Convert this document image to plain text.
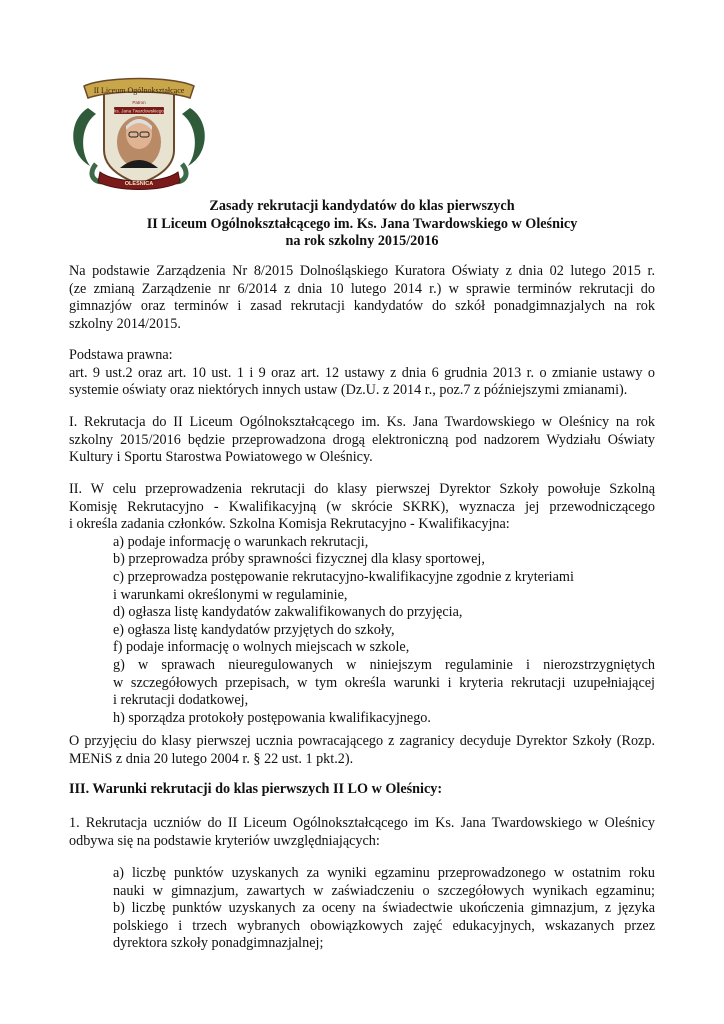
II Liceum Ogólnokształcące
Patron
ks. Jana Twardowskiego
OLEŚNICA
Zasady rekrutacji kandydatów do klas pierwszych
II Liceum Ogólnokształcącego im. Ks. Jana Twardowskiego w Oleśnicy
na rok szkolny 2015/2016

Na podstawie Zarządzenia Nr 8/2015 Dolnośląskiego Kuratora Oświaty z dnia 02 lutego 2015 r.

(ze zmianą Zarządzenie nr 6/2014 z dnia 10 lutego 2014 r.) w sprawie terminów rekrutacji do

gimnazjów oraz terminów i zasad rekrutacji kandydatów do szkół ponadgimnazjalych na rok

szkolny 2014/2015.

Podstawa prawna:

art. 9 ust.2 oraz art. 10 ust. 1 i 9 oraz art. 12 ustawy z dnia 6 grudnia 2013 r. o zmianie ustawy o

systemie oświaty oraz niektórych innych ustaw (Dz.U. z 2014 r., poz.7 z późniejszymi zmianami).

I. Rekrutacja do II Liceum Ogólnokształcącego im. Ks. Jana Twardowskiego w Oleśnicy na rok

szkolny 2015/2016 będzie przeprowadzona drogą elektroniczną pod nadzorem Wydziału Oświaty

Kultury i Sportu Starostwa Powiatowego w Oleśnicy.

II. W celu przeprowadzenia rekrutacji do klasy pierwszej Dyrektor Szkoły powołuje Szkolną

Komisję Rekrutacyjno - Kwalifikacyjną (w skrócie SKRK), wyznacza jej przewodniczącego

i określa zadania członków. Szkolna Komisja Rekrutacyjno - Kwalifikacyjna:

a) podaje informację o warunkach rekrutacji,

b) przeprowadza próby sprawności fizycznej dla klasy sportowej,

c) przeprowadza postępowanie rekrutacyjno-kwalifikacyjne zgodnie z kryteriami

i warunkami określonymi w regulaminie,

d) ogłasza listę kandydatów zakwalifikowanych do przyjęcia,

e) ogłasza listę kandydatów przyjętych do szkoły,

f) podaje informację o wolnych miejscach w szkole,

g) w sprawach nieuregulowanych w niniejszym regulaminie i nierozstrzygniętych

w szczegółowych przepisach, w tym określa warunki i kryteria rekrutacji uzupełniającej

i rekrutacji dodatkowej,

h) sporządza protokoły postępowania kwalifikacyjnego.

O przyjęciu do klasy pierwszej ucznia powracającego z zagranicy decyduje Dyrektor Szkoły (Rozp.

MENiS z dnia 20 lutego 2004 r. § 22 ust. 1 pkt.2).

III. Warunki rekrutacji do klas pierwszych II LO w Oleśnicy:

1. Rekrutacja uczniów do II Liceum Ogólnokształcącego im Ks. Jana Twardowskiego w Oleśnicy

odbywa się na podstawie kryteriów uwzględniających:

a) liczbę punktów uzyskanych za wyniki egzaminu przeprowadzonego w ostatnim roku

nauki w gimnazjum, zawartych w zaświadczeniu o szczegółowych wynikach egzaminu;

b) liczbę punktów uzyskanych za oceny na świadectwie ukończenia gimnazjum, z języka

polskiego i trzech wybranych obowiązkowych zajęć edukacyjnych, wskazanych przez

dyrektora szkoły ponadgimnazjalnej;
